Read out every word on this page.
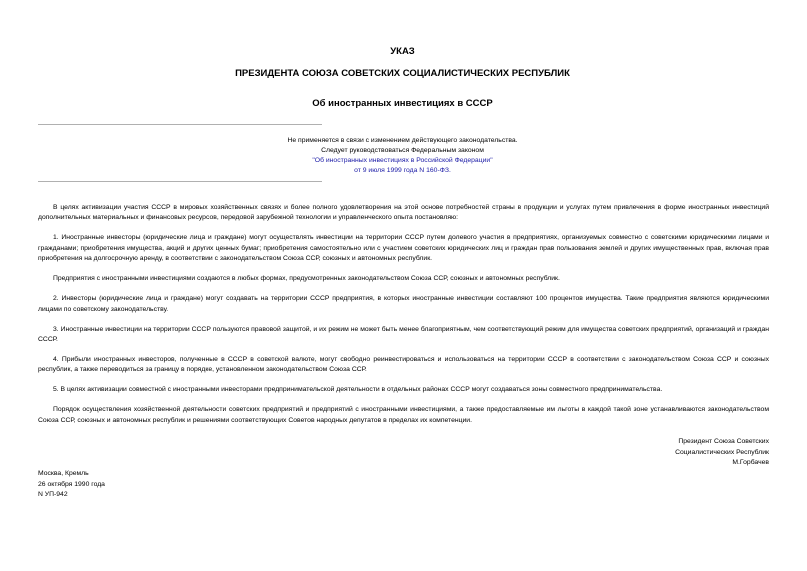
УКАЗ
ПРЕЗИДЕНТА СОЮЗА СОВЕТСКИХ СОЦИАЛИСТИЧЕСКИХ РЕСПУБЛИК
Об иностранных инвестициях в СССР
Не применяется в связи с изменением действующего законодательства.
Следует руководствоваться Федеральным законом
"Об иностранных инвестициях в Российской Федерации"
от 9 июля 1999 года N 160-ФЗ.

В целях активизации участия СССР в мировых хозяйственных связях и более полного удовлетворения на этой основе потребностей страны в продукции и услугах путем привлечения в форме иностранных инвестиций дополнительных материальных и финансовых ресурсов, передовой зарубежной технологии и управленческого опыта постановляю:

1. Иностранные инвесторы (юридические лица и граждане) могут осуществлять инвестиции на территории СССР путем долевого участия в предприятиях, организуемых совместно с советскими юридическими лицами и гражданами; приобретения имущества, акций и других ценных бумаг; приобретения самостоятельно или с участием советских юридических лиц и граждан прав пользования землей и других имущественных прав, включая прав приобретения на долгосрочную аренду, в соответствии с законодательством Союза ССР, союзных и автономных республик.

Предприятия с иностранными инвестициями создаются в любых формах, предусмотренных законодательством Союза ССР, союзных и автономных республик.

2. Инвесторы (юридические лица и граждане) могут создавать на территории СССР предприятия, в которых иностранные инвестиции составляют 100 процентов имущества. Такие предприятия являются юридическими лицами по советскому законодательству.

3. Иностранные инвестиции на территории СССР пользуются правовой защитой, и их режим не может быть менее благоприятным, чем соответствующий режим для имущества советских предприятий, организаций и граждан СССР.

4. Прибыли иностранных инвесторов, полученные в СССР в советской валюте, могут свободно реинвестироваться и использоваться на территории СССР в соответствии с законодательством Союза ССР и союзных республик, а также переводиться за границу в порядке, установленном законодательством Союза ССР.

5. В целях активизации совместной с иностранными инвесторами предпринимательской деятельности в отдельных районах СССР могут создаваться зоны совместного предпринимательства.

Порядок осуществления хозяйственной деятельности советских предприятий и предприятий с иностранными инвестициями, а также предоставляемые им льготы в каждой такой зоне устанавливаются законодательством Союза ССР, союзных и автономных республик и решениями соответствующих Советов народных депутатов в пределах их компетенции.

Президент Союза Советских
Социалистических Республик
М.Горбачев
Москва, Кремль
26 октября 1990 года
N УП-942
